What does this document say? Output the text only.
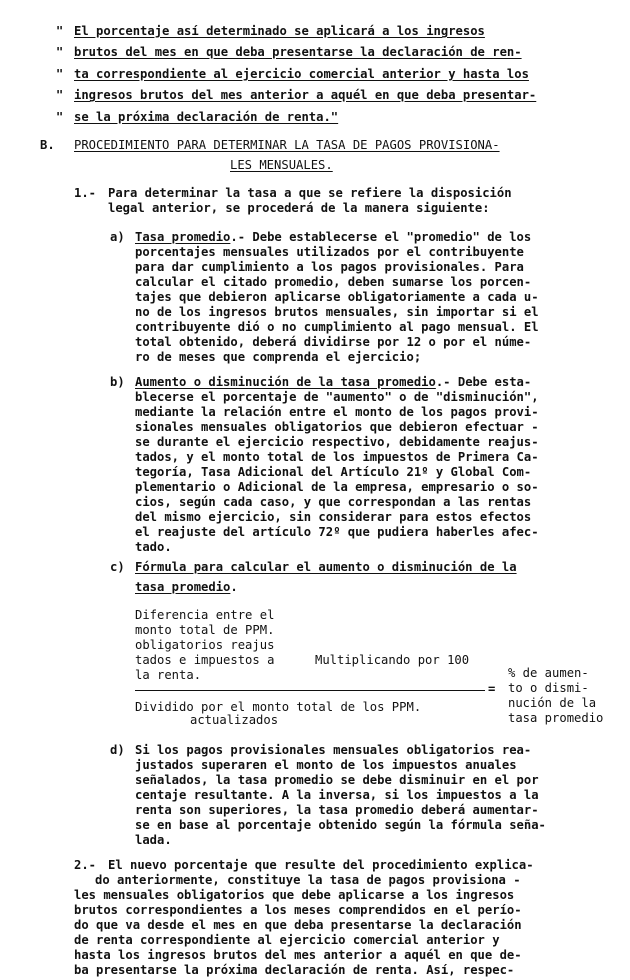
"
"
"
"
"
El porcentaje así determinado se aplicará a los ingresos
brutos del mes en que deba presentarse la declaración de ren-
ta correspondiente al ejercicio comercial anterior y hasta los
ingresos brutos del mes anterior a aquél en que deba presentar-
se la próxima declaración de renta."
B. PROCEDIMIENTO PARA DETERMINAR LA TASA DE PAGOS PROVISIONA-
LES MENSUALES.
1.- Para determinar la tasa a que se refiere la disposición
legal anterior, se procederá de la manera siguiente:
a) Tasa promedio.- Debe establecerse el "promedio" de los
porcentajes mensuales utilizados por el contribuyente
para dar cumplimiento a los pagos provisionales. Para
calcular el citado promedio, deben sumarse los porcen-
tajes que debieron aplicarse obligatoriamente a cada u-
no de los ingresos brutos mensuales, sin importar si el
contribuyente dió o no cumplimiento al pago mensual. El
total obtenido, deberá dividirse por 12 o por el núme-
ro de meses que comprenda el ejercicio;
b) Aumento o disminución de la tasa promedio.- Debe esta-
blecerse el porcentaje de "aumento" o de "disminución",
mediante la relación entre el monto de los pagos provi-
sionales mensuales obligatorios que debieron efectuar -
se durante el ejercicio respectivo, debidamente reajus-
tados, y el monto total de los impuestos de Primera Ca-
tegoría, Tasa Adicional del Artículo 21º y Global Com-
plementario o Adicional de la empresa, empresario o so-
cios, según cada caso, y que correspondan a las rentas
del mismo ejercicio, sin considerar para estos efectos
el reajuste del artículo 72º que pudiera haberles afec-
tado.
c) Fórmula para calcular el aumento o disminución de la
tasa promedio.
Diferencia entre el
monto total de PPM.
obligatorios reajus
tados e impuestos a	Multiplicando por 100
la renta.
=
Dividido por el monto total de los PPM.
actualizados
% de aumen-
to o dismi-
nución de la
tasa promedio
d) Si los pagos provisionales mensuales obligatorios rea-
justados superaren el monto de los impuestos anuales
señalados, la tasa promedio se debe disminuir en el por
centaje resultante. A la inversa, si los impuestos a la
renta son superiores, la tasa promedio deberá aumentar-
se en base al porcentaje obtenido según la fórmula seña-
lada.
2.- El nuevo porcentaje que resulte del procedimiento explica-
do anteriormente, constituye la tasa de pagos provisiona -
les mensuales obligatorios que debe aplicarse a los ingresos
brutos correspondientes a los meses comprendidos en el perío-
do que va desde el mes en que deba presentarse la declaración
de renta correspondiente al ejercicio comercial anterior y
hasta los ingresos brutos del mes anterior a aquél en que de-
ba presentarse la próxima declaración de renta. Así, respec-
